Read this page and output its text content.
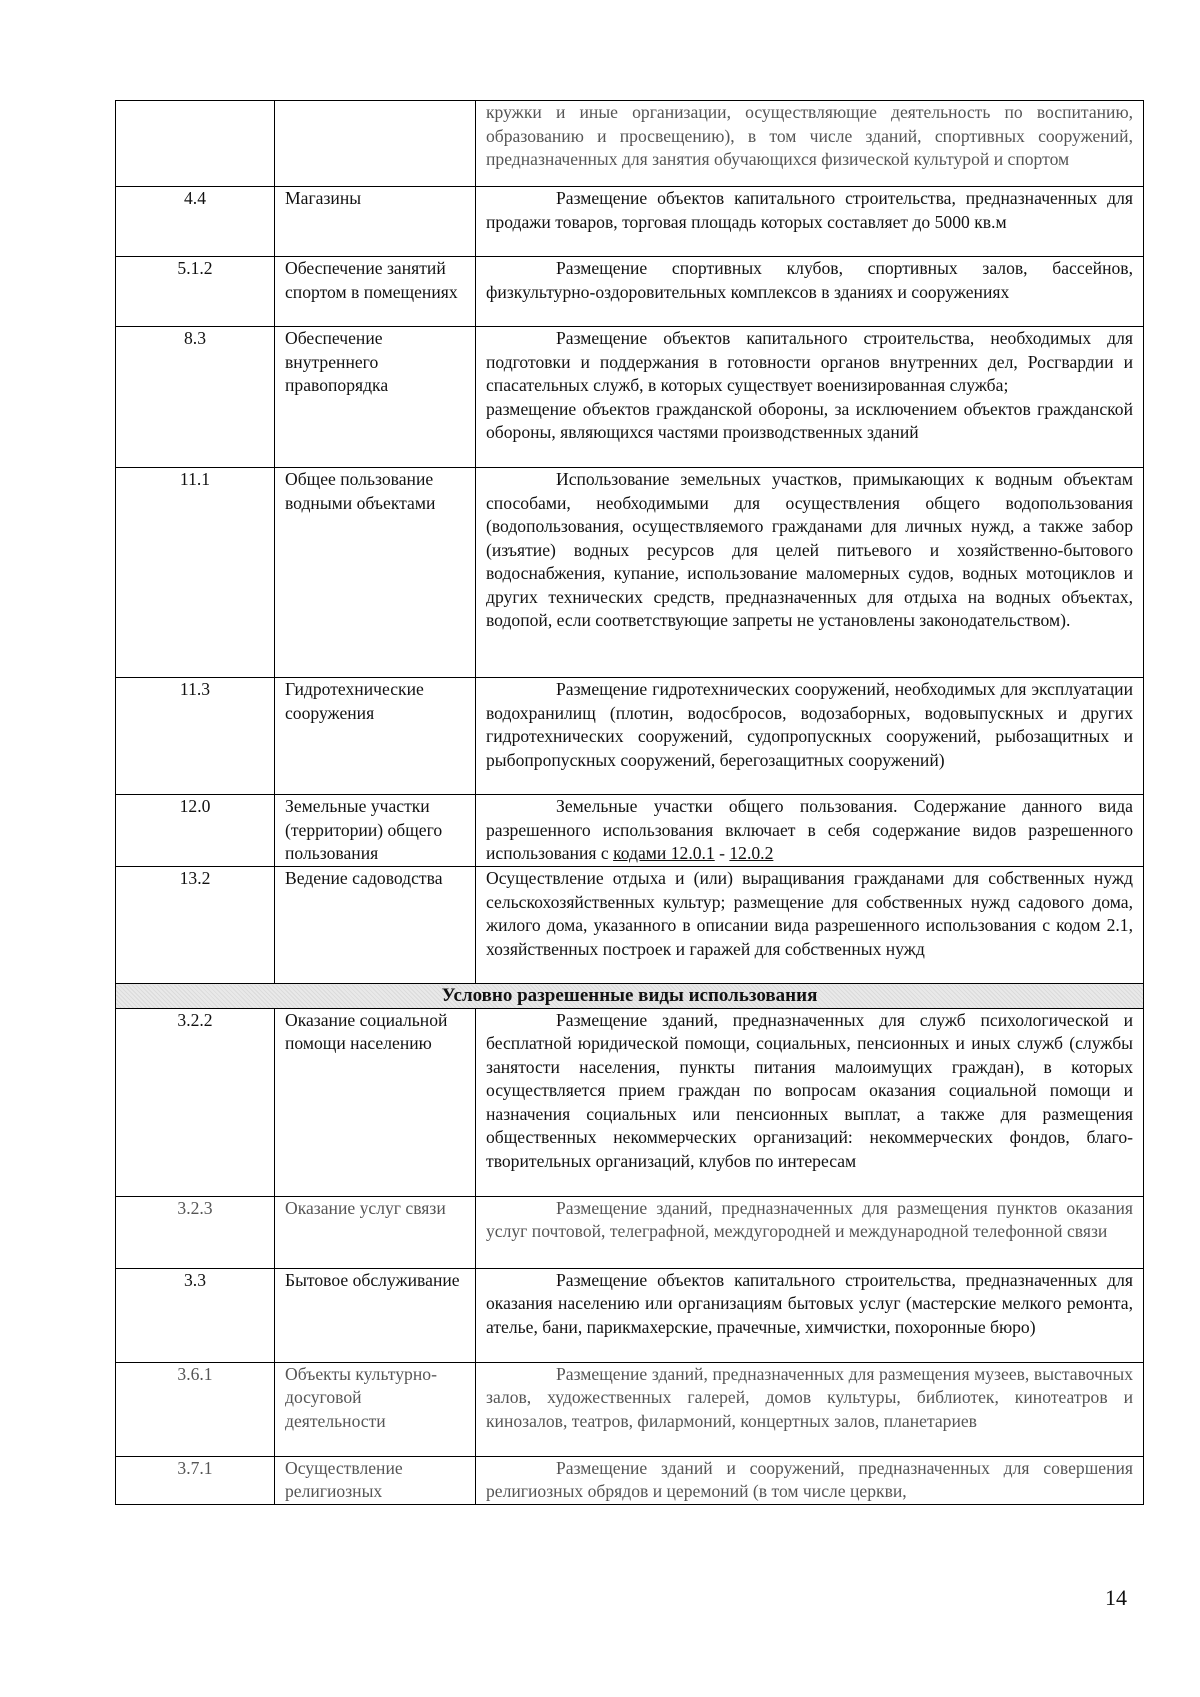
		кружки и иные организации, осуществляющие деятельность по воспитанию, образованию и просвещению), в том числе зданий, спортивных сооружений, предназначенных для занятия обучающихся физической культурой и спортом

4.4	Магазины	Размещение объектов капитального строительства, предназначенных для продажи товаров, торговая площадь которых составляет до 5000 кв.м

5.1.2	Обеспечение занятий спортом в помещениях	Размещение спортивных клубов, спортивных залов, бассейнов, физкультурно-оздоровительных комплексов в зданиях и сооружениях

8.3	Обеспечение внутреннего правопорядка	Размещение объектов капитального строительства, необходимых для подготовки и поддержания в готовности органов внутренних дел, Росгвардии и спасательных служб, в которых существует военизированная служба;

размещение объектов гражданской обороны, за исключением объектов гражданской обороны, являющихся частями производственных зданий

11.1	Общее пользование водными объектами	Использование земельных участков, примыкающих к водным объектам способами, необходимыми для осуществления общего водопользования (водопользования, осуществляемого гражданами для личных нужд, а также забор (изъятие) водных ресурсов для целей питьевого и хозяйственно-бытового водоснабжения, купание, использование маломерных судов, водных мотоциклов и других технических средств, предназначенных для отдыха на водных объектах, водопой, если соответствующие запреты не установлены законодательством).

11.3	Гидротехнические сооружения	Размещение гидротехнических сооружений, необходимых для эксплуатации водохранилищ (плотин, водосбросов, водозаборных, водовыпускных и других гидротехнических сооружений, судопропускных сооружений, рыбозащитных и рыбопропускных сооружений, берегозащитных сооружений)

12.0	Земельные участки (территории) общего пользования	Земельные участки общего пользования. Содержание данного вида разрешенного использования включает в себя содержание видов разрешенного использования с кодами 12.0.1 - 12.0.2

13.2	Ведение садоводства	Осуществление отдыха и (или) выращивания гражданами для собственных нужд сельскохозяйственных культур; размещение для собственных нужд садового дома, жилого дома, указанного в описании вида разрешенного использования с кодом 2.1, хозяйственных построек и гаражей для собственных нужд

Условно разрешенные виды использования		
3.2.2	Оказание социальной помощи населению	Размещение зданий, предназначенных для служб психологической и бесплатной юридической помощи, социальных, пенсионных и иных служб (службы занятости населения, пункты питания малоимущих граждан), в которых осуществляется прием граждан по вопросам оказания социальной помощи и назначения социальных или пенсионных выплат, а также для размещения общественных некоммерческих организаций: некоммерческих фондов, благо-творительных организаций, клубов по интересам

3.2.3	Оказание услуг связи	Размещение зданий, предназначенных для размещения пунктов оказания услуг почтовой, телеграфной, междугородней и международной телефонной связи

3.3	Бытовое обслуживание	Размещение объектов капитального строительства, предназначенных для оказания населению или организациям бытовых услуг (мастерские мелкого ремонта, ателье, бани, парикмахерские, прачечные, химчистки, похоронные бюро)

3.6.1	Объекты культурно-досуговой деятельности	Размещение зданий, предназначенных для размещения музеев, выставочных залов, художественных галерей, домов культуры, библиотек, кинотеатров и кинозалов, театров, филармоний, концертных залов, планетариев

3.7.1	Осуществление религиозных	Размещение зданий и сооружений, предназначенных для совершения религиозных обрядов и церемоний (в том числе церкви,

14
